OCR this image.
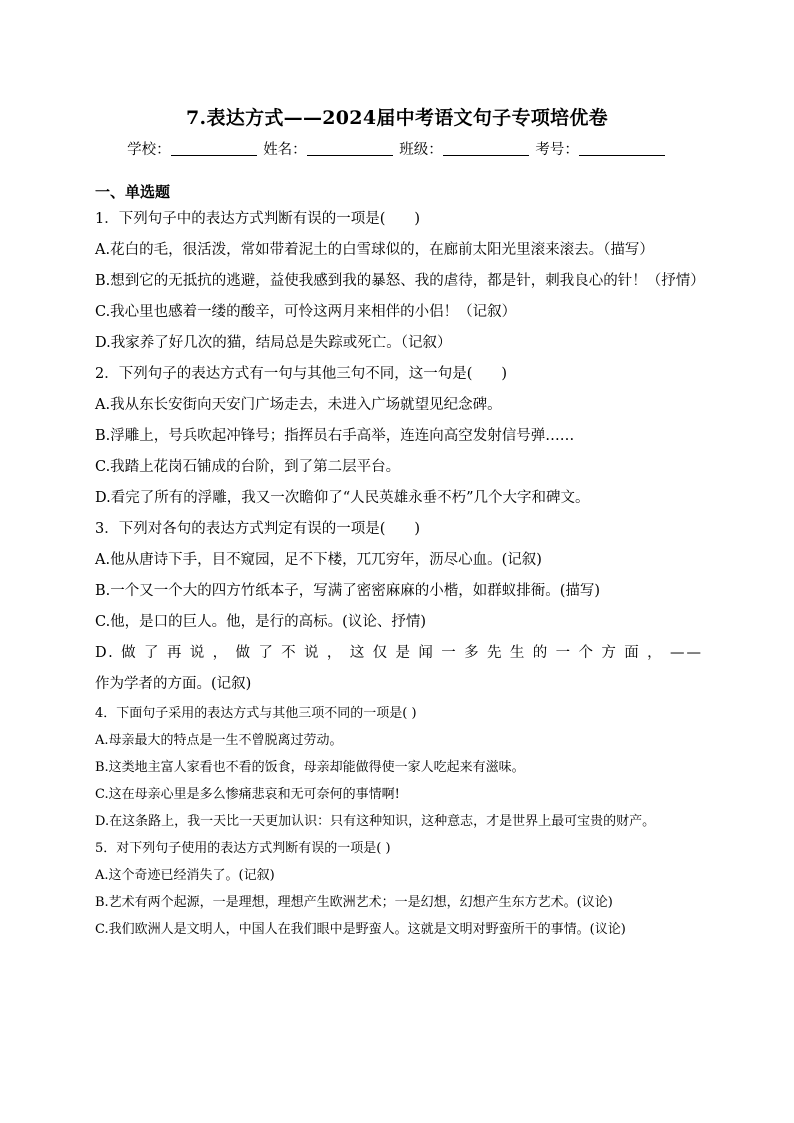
7.表达方式——2024届中考语文句子专项培优卷
学校：	姓名：	班级：	考号：

一、单选题

1．下列句子中的表达方式判断有误的一项是(　　)

A.花白的毛，很活泼，常如带着泥土的白雪球似的，在廊前太阳光里滚来滚去。（描写）

B.想到它的无抵抗的逃避，益使我感到我的暴怒、我的虐待，都是针，刺我良心的针！（抒情）

C.我心里也感着一缕的酸辛，可怜这两月来相伴的小侣！（记叙）

D.我家养了好几次的猫，结局总是失踪或死亡。（记叙）

2．下列句子的表达方式有一句与其他三句不同，这一句是(　　)

A.我从东长安街向天安门广场走去，未进入广场就望见纪念碑。

B.浮雕上，号兵吹起冲锋号；指挥员右手高举，连连向高空发射信号弹……

C.我踏上花岗石铺成的台阶，到了第二层平台。

D.看完了所有的浮雕，我又一次瞻仰了“人民英雄永垂不朽”几个大字和碑文。

3．下列对各句的表达方式判定有误的一项是(　　)

A.他从唐诗下手，目不窥园，足不下楼，兀兀穷年，沥尽心血。(记叙)

B.一个又一个大的四方竹纸本子，写满了密密麻麻的小楷，如群蚁排衙。(描写)

C.他，是口的巨人。他，是行的高标。(议论、抒情)

D.做了再说，做了不说，这仅是闻一多先生的一个方面，——

作为学者的方面。(记叙)

4．下面句子采用的表达方式与其他三项不同的一项是( )

A.母亲最大的特点是一生不曾脱离过劳动。

B.这类地主富人家看也不看的饭食，母亲却能做得使一家人吃起来有滋味。

C.这在母亲心里是多么惨痛悲哀和无可奈何的事情啊!

D.在这条路上，我一天比一天更加认识：只有这种知识，这种意志，才是世界上最可宝贵的财产。

5．对下列句子使用的表达方式判断有误的一项是( )

A.这个奇迹已经消失了。(记叙)

B.艺术有两个起源，一是理想，理想产生欧洲艺术；一是幻想，幻想产生东方艺术。(议论)

C.我们欧洲人是文明人，中国人在我们眼中是野蛮人。这就是文明对野蛮所干的事情。(议论)
